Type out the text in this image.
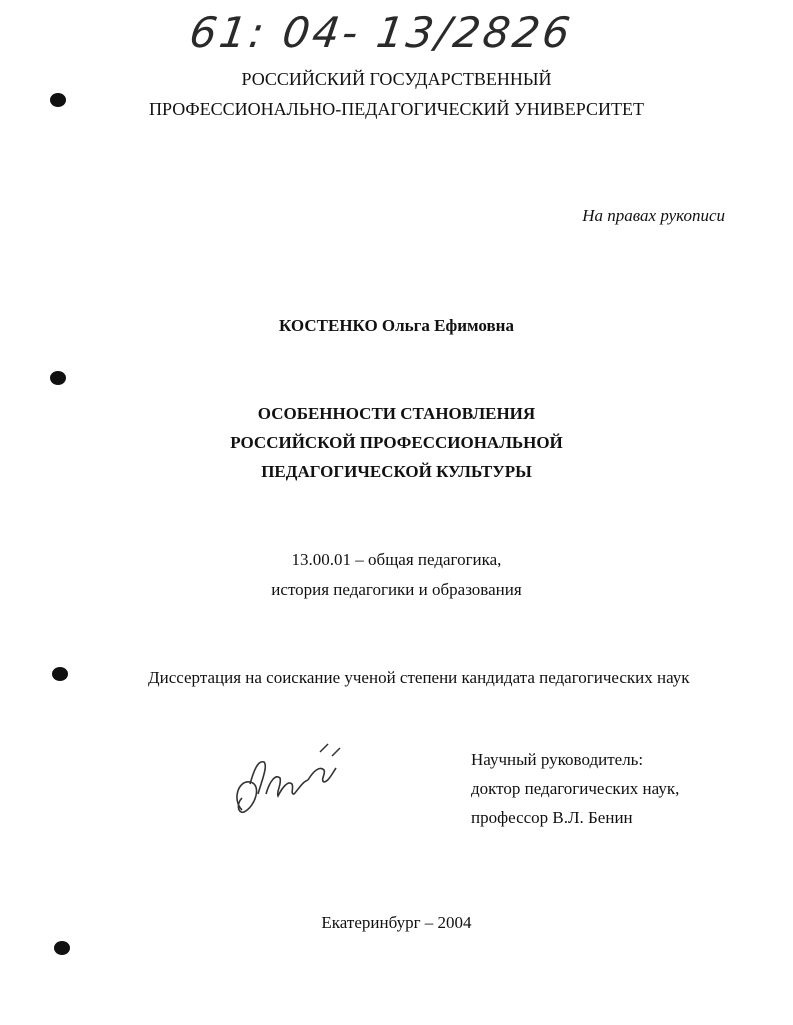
61: 04- 13/2826
РОССИЙСКИЙ ГОСУДАРСТВЕННЫЙ
ПРОФЕССИОНАЛЬНО-ПЕДАГОГИЧЕСКИЙ УНИВЕРСИТЕТ
На правах рукописи
КОСТЕНКО Ольга Ефимовна
ОСОБЕННОСТИ СТАНОВЛЕНИЯ
РОССИЙСКОЙ ПРОФЕССИОНАЛЬНОЙ
ПЕДАГОГИЧЕСКОЙ КУЛЬТУРЫ
13.00.01 – общая педагогика,
история педагогики и образования
Диссертация на соискание ученой степени кандидата педагогических наук
Научный руководитель:
доктор педагогических наук,
профессор В.Л. Бенин
Екатеринбург – 2004
